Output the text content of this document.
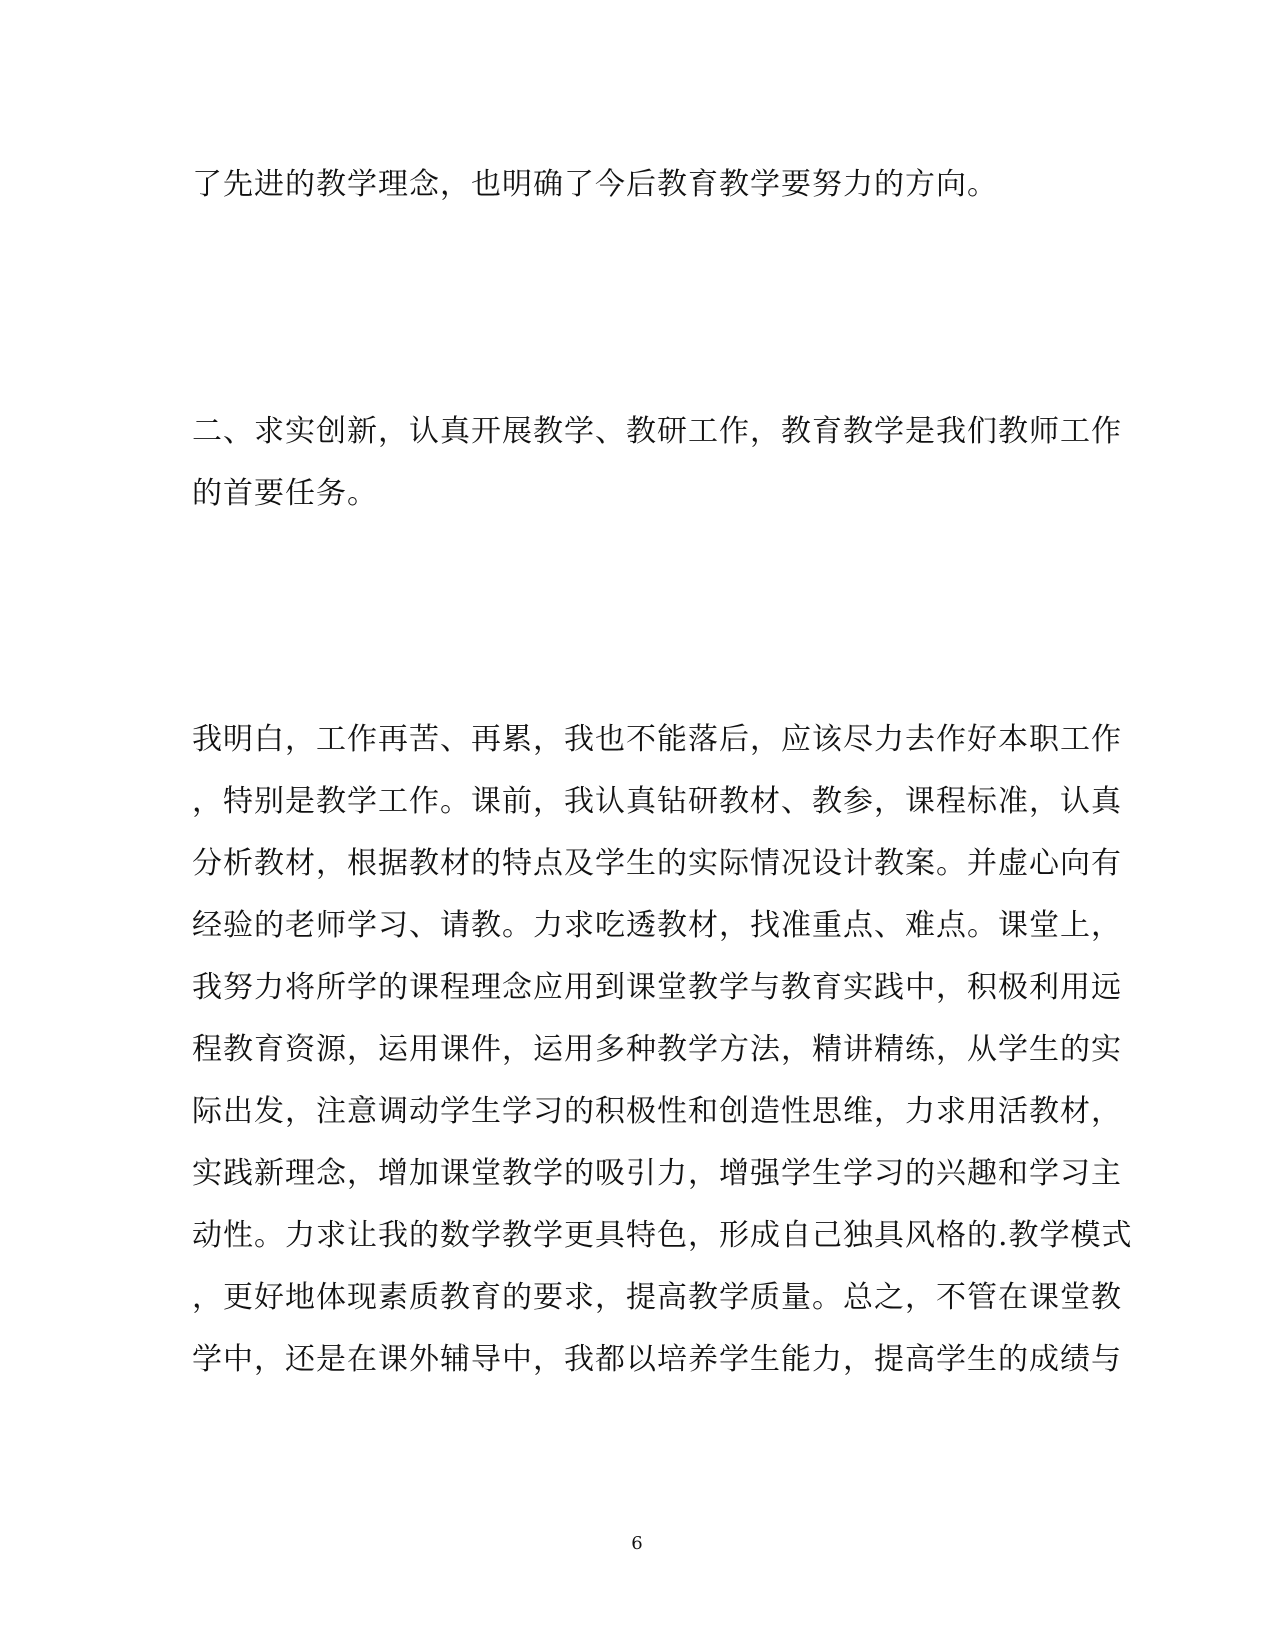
了先进的教学理念，也明确了今后教育教学要努力的方向。
二、求实创新，认真开展教学、教研工作，教育教学是我们教师工作
的首要任务。
我明白，工作再苦、再累，我也不能落后，应该尽力去作好本职工作
，特别是教学工作。课前，我认真钻研教材、教参，课程标准，认真
分析教材，根据教材的特点及学生的实际情况设计教案。并虚心向有
经验的老师学习、请教。力求吃透教材，找准重点、难点。课堂上，
我努力将所学的课程理念应用到课堂教学与教育实践中，积极利用远
程教育资源，运用课件，运用多种教学方法，精讲精练，从学生的实
际出发，注意调动学生学习的积极性和创造性思维，力求用活教材，
实践新理念，增加课堂教学的吸引力，增强学生学习的兴趣和学习主
动性。力求让我的数学教学更具特色，形成自己独具风格的.教学模式
，更好地体现素质教育的要求，提高教学质量。总之，不管在课堂教
学中，还是在课外辅导中，我都以培养学生能力，提高学生的成绩与
6
